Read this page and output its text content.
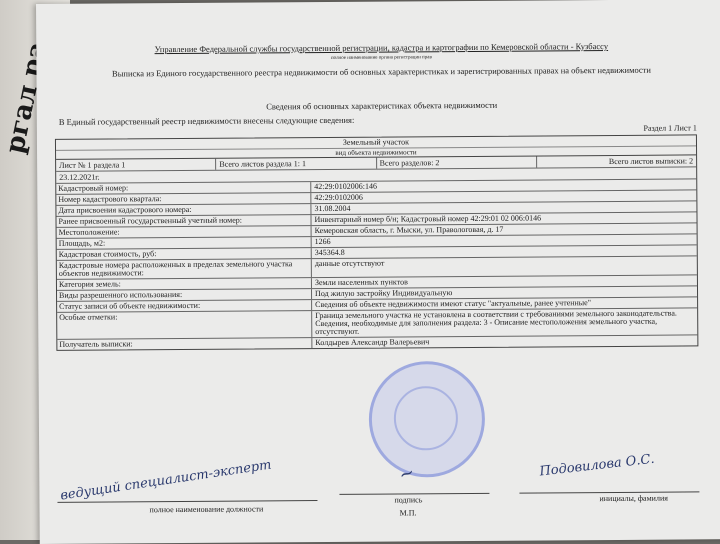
Управление Федеральной службы государственной регистрации, кадастра и картографии по Кемеровской области - Кузбассу
полное наименование органа регистрации прав
Выписка из Единого государственного реестра недвижимости об основных характеристиках и зарегистрированных правах на объект недвижимости
Сведения об основных характеристиках объекта недвижимости
В Единый государственный реестр недвижимости внесены следующие сведения:
Раздел 1 Лист 1
Земельный участок
вид объекта недвижимости
Лист № 1 раздела 1	Всего листов раздела 1: 1	Всего разделов: 2	Всего листов выписки: 2
23.12.2021г.
Кадастровый номер:	42:29:0102006:146
Номер кадастрового квартала:	42:29:0102006
Дата присвоения кадастрового номера:	31.08.2004
Ранее присвоенный государственный учетный номер:	Инвентарный номер б/н; Кадастровый номер 42:29:01 02 006:0146
Местоположение:	Кемеровская область, г. Мыски, ул. Правологовая, д. 17
Площадь, м2:	1266
Кадастровая стоимость, руб:	345364.8
Кадастровые номера расположенных в пределах земельного участка объектов недвижимости:
данные отсутствуют
Категория земель:	Земли населенных пунктов
Виды разрешенного использования:	Под жилую застройку Индивидуальную
Статус записи об объекте недвижимости:	Сведения об объекте недвижимости имеют статус "актуальные, ранее учтенные"
Особые отметки:	Граница земельного участка не установлена в соответствии с требованиями земельного законодательства. Сведения, необходимые для заполнения раздела: 3 - Описание местоположения земельного участка, отсутствуют.
Получатель выписки:	Колдырев Александр Валерьевич
ведущий специалист-эксперт	Подовилова О.С.
~
полное наименование должности
подпись
М.П.
инициалы, фамилия
